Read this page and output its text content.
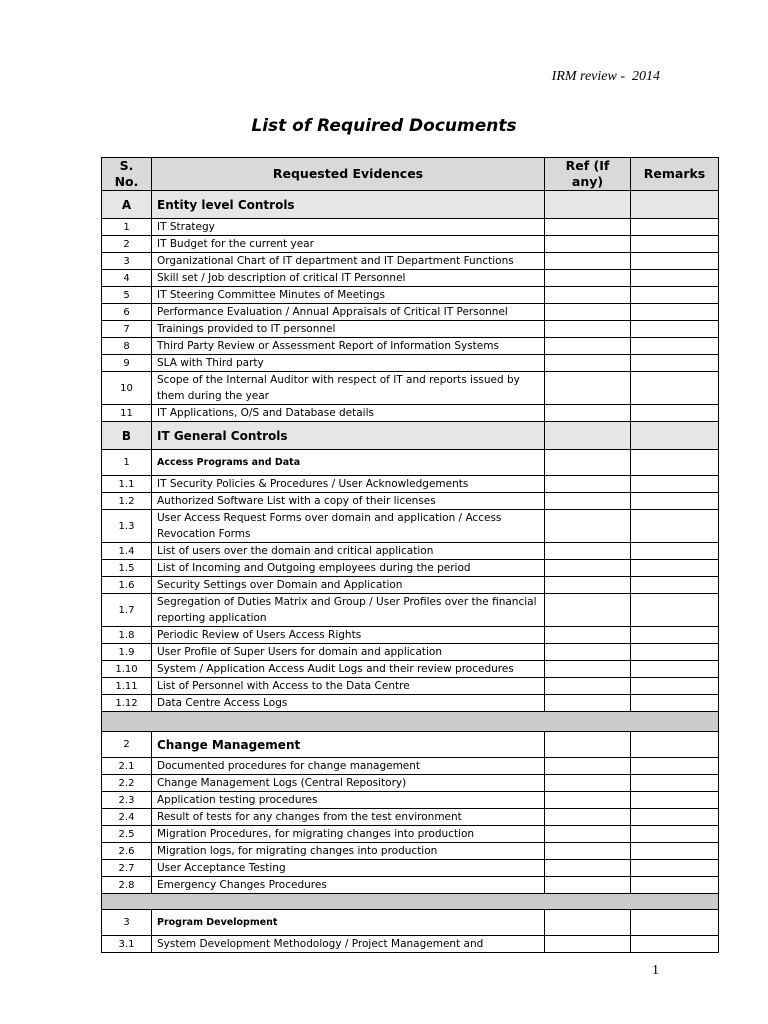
IRM review -  2014
List of Required Documents
S. No.	Requested Evidences	Ref (If any)	Remarks
A	Entity level Controls		
1	IT Strategy		
2	IT Budget for the current year		
3	Organizational Chart of IT department and IT Department Functions		
4	Skill set / Job description of critical IT Personnel		
5	IT Steering Committee Minutes of Meetings		
6	Performance Evaluation / Annual Appraisals of Critical IT Personnel		
7	Trainings provided to IT personnel		
8	Third Party Review or Assessment Report of Information Systems		
9	SLA with Third party		
10	Scope of the Internal Auditor with respect of IT and reports issued by them during the year		
11	IT Applications, O/S and Database details		
B	IT General Controls		
1	Access Programs and Data		
1.1	IT Security Policies & Procedures / User Acknowledgements		
1.2	Authorized Software List with a copy of their licenses		
1.3	User Access Request Forms over domain and application / Access Revocation Forms		
1.4	List of users over the domain and critical application		
1.5	List of Incoming and Outgoing employees during the period		
1.6	Security Settings over Domain and Application		
1.7	Segregation of Duties Matrix and Group / User Profiles over the financial reporting application		
1.8	Periodic Review of Users Access Rights		
1.9	User Profile of Super Users for domain and application		
1.10	System / Application Access Audit Logs and their review procedures		
1.11	List of Personnel with Access to the Data Centre		
1.12	Data Centre Access Logs		

2	Change Management		
2.1	Documented procedures for change management		
2.2	Change Management Logs (Central Repository)		
2.3	Application testing procedures		
2.4	Result of tests for any changes from the test environment		
2.5	Migration Procedures, for migrating changes into production		
2.6	Migration logs, for migrating changes into production		
2.7	User Acceptance Testing		
2.8	Emergency Changes Procedures		

3	Program Development		
3.1	System Development Methodology / Project Management and		
1
